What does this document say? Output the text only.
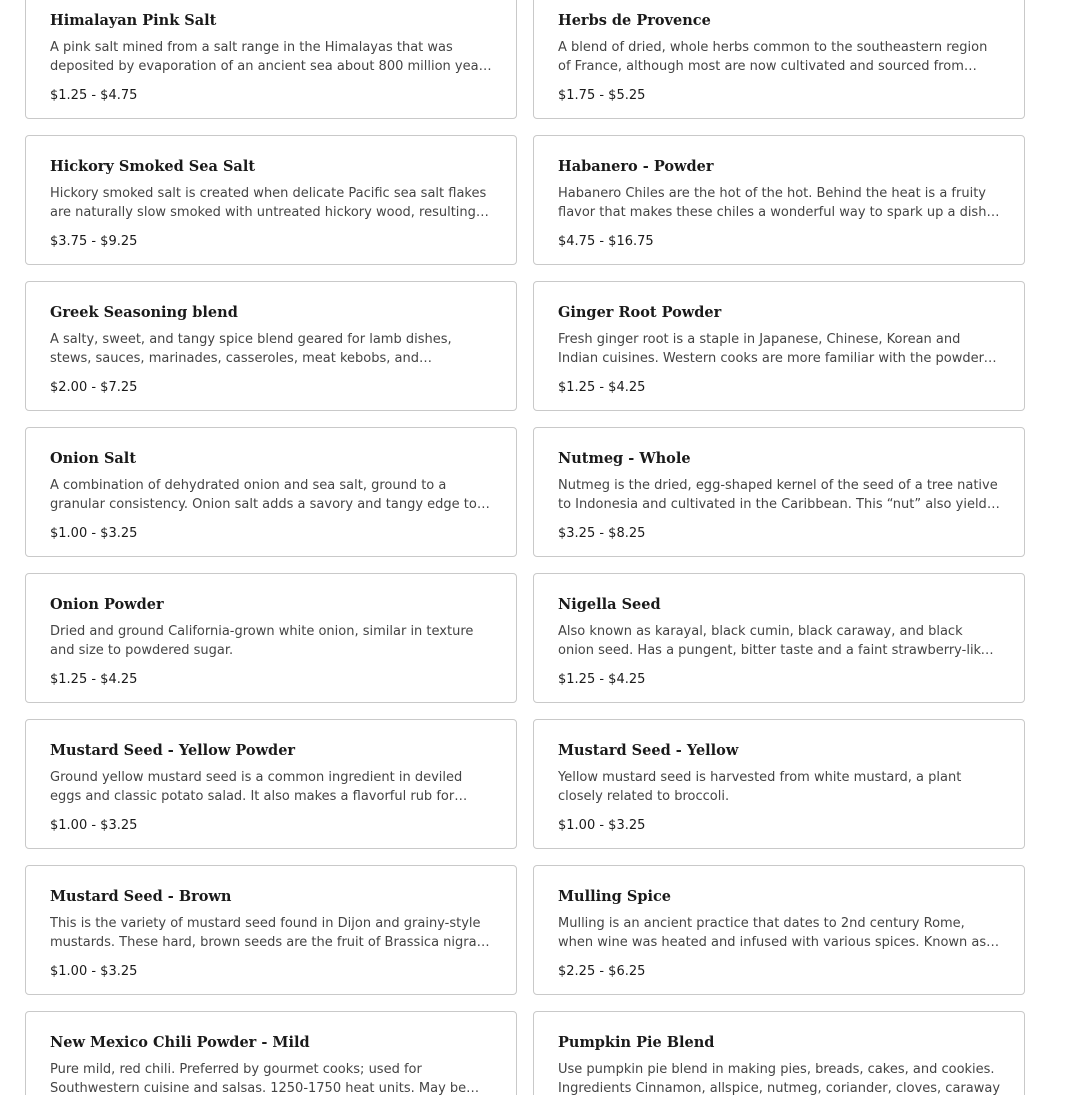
Himalayan Pink Salt

A pink salt mined from a salt range in the Himalayas that was deposited by evaporation of an ancient sea about 800 million years

$1.25 - $4.75
Herbs de Provence

A blend of dried, whole herbs common to the southeastern region of France, although most are now cultivated and sourced from

$1.75 - $5.25
Hickory Smoked Sea Salt

Hickory smoked salt is created when delicate Pacific sea salt flakes are naturally slow smoked with untreated hickory wood, resulting in

$3.75 - $9.25
Habanero - Powder

Habanero Chiles are the hot of the hot. Behind the heat is a fruity flavor that makes these chiles a wonderful way to spark up a dish

$4.75 - $16.75
Greek Seasoning blend

A salty, sweet, and tangy spice blend geared for lamb dishes, stews, sauces, marinades, casseroles, meat kebobs, and

$2.00 - $7.25
Ginger Root Powder

Fresh ginger root is a staple in Japanese, Chinese, Korean and Indian cuisines. Western cooks are more familiar with the powdered

$1.25 - $4.25
Onion Salt

A combination of dehydrated onion and sea salt, ground to a granular consistency. Onion salt adds a savory and tangy edge to

$1.00 - $3.25
Nutmeg - Whole

Nutmeg is the dried, egg-shaped kernel of the seed of a tree native to Indonesia and cultivated in the Caribbean. This “nut” also yields

$3.25 - $8.25
Onion Powder

Dried and ground California-grown white onion, similar in texture and size to powdered sugar.

$1.25 - $4.25
Nigella Seed

Also known as karayal, black cumin, black caraway, and black onion seed. Has a pungent, bitter taste and a faint strawberry-like

$1.25 - $4.25
Mustard Seed - Yellow Powder

Ground yellow mustard seed is a common ingredient in deviled eggs and classic potato salad. It also makes a flavorful rub for

$1.00 - $3.25
Mustard Seed - Yellow

Yellow mustard seed is harvested from white mustard, a plant closely related to broccoli.

$1.00 - $3.25
Mustard Seed - Brown

This is the variety of mustard seed found in Dijon and grainy-style mustards. These hard, brown seeds are the fruit of Brassica nigra,

$1.00 - $3.25
Mulling Spice

Mulling is an ancient practice that dates to 2nd century Rome, when wine was heated and infused with various spices. Known as

$2.25 - $6.25
New Mexico Chili Powder - Mild

Pure mild, red chili. Preferred by gourmet cooks; used for Southwestern cuisine and salsas. 1250-1750 heat units. May be

Pumpkin Pie Blend

Use pumpkin pie blend in making pies, breads, cakes, and cookies. Ingredients Cinnamon, allspice, nutmeg, coriander, cloves, caraway
